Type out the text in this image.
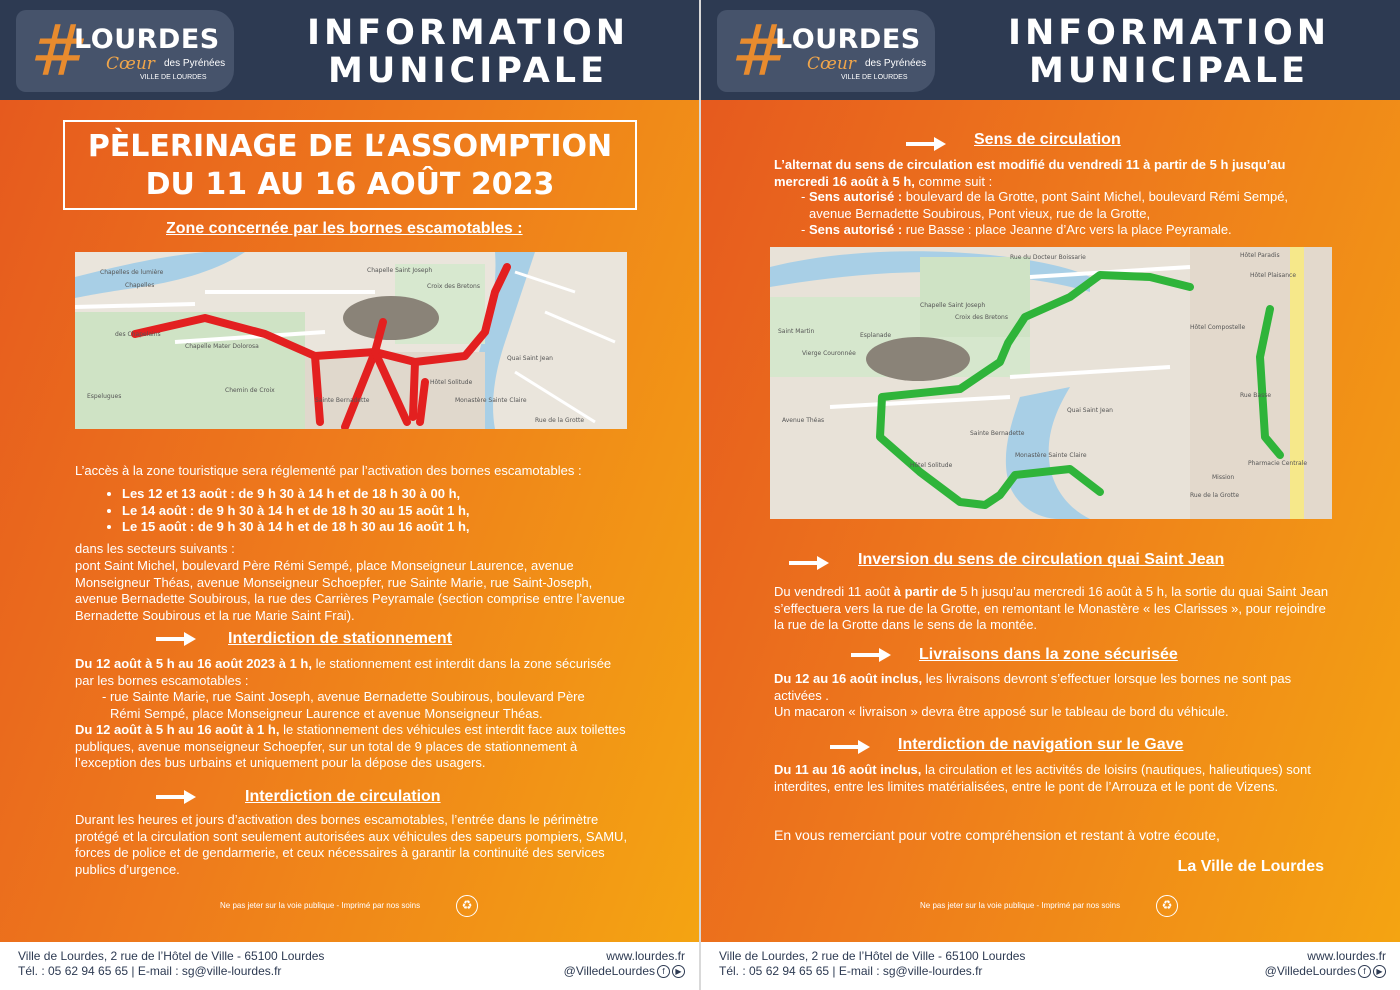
#
LOURDES
Cœur des Pyrénées
VILLE DE LOURDES
INFORMATION
MUNICIPALE
PÈLERINAGE DE L’ASSOMPTION
DU 11 AU 16 AOÛT 2023
Zone concernée par les bornes escamotables :
Chapelles de lumière
Chapelles
Chapelle Saint Joseph
Croix des Bretons
des Chapelains
Chapelle Mater Dolorosa
Espelugues
Chemin de Croix
Quai Saint Jean
Hôtel Solitude
Monastère Sainte Claire
Rue de la Grotte
Sainte Bernadette
L’accès à la zone touristique sera réglementé par l’activation des bornes escamotables :
• Les 12 et 13 août : de 9 h 30 à 14 h et de 18 h 30 à 00 h,
• Le 14 août : de 9 h 30 à 14 h et de 18 h 30 au 15 août 1 h,
• Le 15 août : de 9 h 30 à 14 h et de 18 h 30 au 16 août 1 h,
dans les secteurs suivants :
pont Saint Michel, boulevard Père Rémi Sempé, place Monseigneur Laurence, avenue Monseigneur Théas, avenue Monseigneur Schoepfer, rue Sainte Marie, rue Saint-Joseph, avenue Bernadette Soubirous, la rue des Carrières Peyramale (section comprise entre l’avenue Bernadette Soubirous et la rue Marie Saint Frai).
Interdiction de stationnement
Du 12 août à 5 h au 16 août 2023 à 1 h, le stationnement est interdit dans la zone sécurisée par les bornes escamotables :
- rue Sainte Marie, rue Saint Joseph, avenue Bernadette Soubirous, boulevard Père Rémi Sempé, place Monseigneur Laurence et avenue Monseigneur Théas.
Du 12 août à 5 h au 16 août à 1 h, le stationnement des véhicules est interdit face aux toilettes publiques, avenue monseigneur Schoepfer, sur un total de 9 places de stationnement à l’exception des bus urbains et uniquement pour la dépose des usagers.
Interdiction de circulation
Durant les heures et jours d’activation des bornes escamotables, l’entrée dans le périmètre protégé et la circulation sont seulement autorisées aux véhicules des sapeurs pompiers, SAMU, forces de police et de gendarmerie, et ceux nécessaires à garantir la continuité des services publics d’urgence.
Ne pas jeter sur la voie publique - Imprimé par nos soins	♻
Ville de Lourdes, 2 rue de l’Hôtel de Ville - 65100 Lourdes
Tél. : 05 62 94 65 65 | E-mail : sg@ville-lourdes.fr
www.lourdes.fr
@VilledeLourdes f ▶
#
LOURDES
Cœur des Pyrénées
VILLE DE LOURDES
INFORMATION
MUNICIPALE
Sens de circulation
L’alternat du sens de circulation est modifié du vendredi 11 à partir de 5 h jusqu’au mercredi 16 août à 5 h, comme suit :
- Sens autorisé : boulevard de la Grotte, pont Saint Michel, boulevard Rémi Sempé, avenue Bernadette Soubirous, Pont vieux, rue de la Grotte,
- Sens autorisé : rue Basse : place Jeanne d’Arc vers la place Peyramale.
Rue du Docteur Boissarie	Hôtel Paradis
Chapelle Saint Joseph
Croix des Bretons
Esplanade
Saint Martin
Vierge Couronnée
Quai Saint Jean
Hôtel Compostelle
Hôtel Solitude
Monastère Sainte Claire
Rue de la Grotte
Sainte Bernadette
Rue Basse
Pharmacie Centrale
Mission
Avenue Théas
Hôtel Plaisance
Inversion du sens de circulation quai Saint Jean
Du vendredi 11 août à partir de 5 h jusqu’au mercredi 16 août à 5 h, la sortie du quai Saint Jean s’effectuera vers la rue de la Grotte, en remontant le Monastère « les Clarisses », pour rejoindre la rue de la Grotte dans le sens de la montée.
Livraisons dans la zone sécurisée
Du 12 au 16 août inclus, les livraisons devront s’effectuer lorsque les bornes ne sont pas activées .
Un macaron « livraison » devra être apposé sur le tableau de bord du véhicule.
Interdiction de navigation sur le Gave
Du 11 au 16 août inclus, la circulation et les activités de loisirs (nautiques, halieutiques) sont interdites, entre les limites matérialisées, entre le pont de l’Arrouza et le pont de Vizens.
En vous remerciant pour votre compréhension et restant à votre écoute,
La Ville de Lourdes
Ne pas jeter sur la voie publique - Imprimé par nos soins	♻
Ville de Lourdes, 2 rue de l’Hôtel de Ville - 65100 Lourdes
Tél. : 05 62 94 65 65 | E-mail : sg@ville-lourdes.fr
www.lourdes.fr
@VilledeLourdes f ▶
